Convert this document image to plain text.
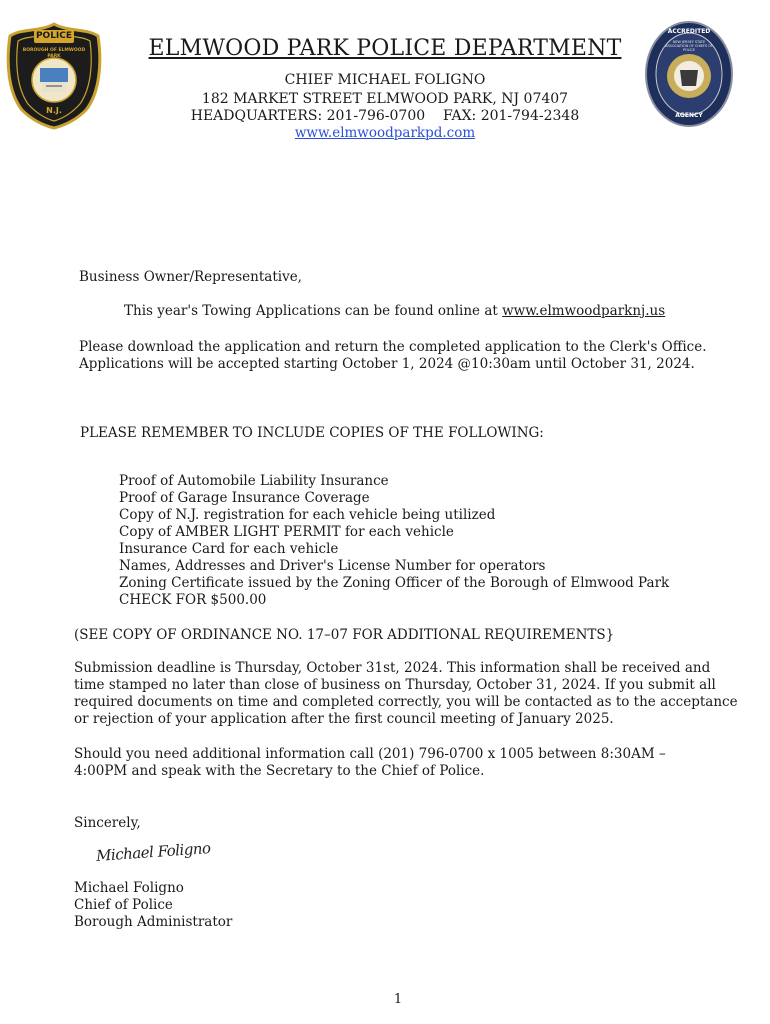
POLICE
BOROUGH OF ELMWOOD PARK
N.J.
ACCREDITED
NEW JERSEY STATE ASSOCIATION OF CHIEFS OF POLICE
AGENCY
ELMWOOD PARK POLICE DEPARTMENT
CHIEF MICHAEL FOLIGNO
182 MARKET STREET ELMWOOD PARK, NJ 07407
HEADQUARTERS: 201-796-0700    FAX: 201-794-2348
www.elmwoodparkpd.com
Business Owner/Representative,
This year's Towing Applications can be found online at www.elmwoodparknj.us
Please download the application and return the completed application to the Clerk's Office.
Applications will be accepted starting October 1, 2024 @10:30am until October 31, 2024.
PLEASE REMEMBER TO INCLUDE COPIES OF THE FOLLOWING:
Proof of Automobile Liability Insurance
Proof of Garage Insurance Coverage
Copy of N.J. registration for each vehicle being utilized
Copy of AMBER LIGHT PERMIT for each vehicle
Insurance Card for each vehicle
Names, Addresses and Driver's License Number for operators
Zoning Certificate issued by the Zoning Officer of the Borough of Elmwood Park
CHECK FOR $500.00
(SEE COPY OF ORDINANCE NO. 17–07 FOR ADDITIONAL REQUIREMENTS}
Submission deadline is Thursday, October 31st, 2024. This information shall be received and
time stamped no later than close of business on Thursday, October 31, 2024. If you submit all
required documents on time and completed correctly, you will be contacted as to the acceptance
or rejection of your application after the first council meeting of January 2025.
Should you need additional information call (201) 796-0700 x 1005 between 8:30AM –
4:00PM and speak with the Secretary to the Chief of Police.
Sincerely,
Michael Foligno
Michael Foligno
Chief of Police
Borough Administrator
1
